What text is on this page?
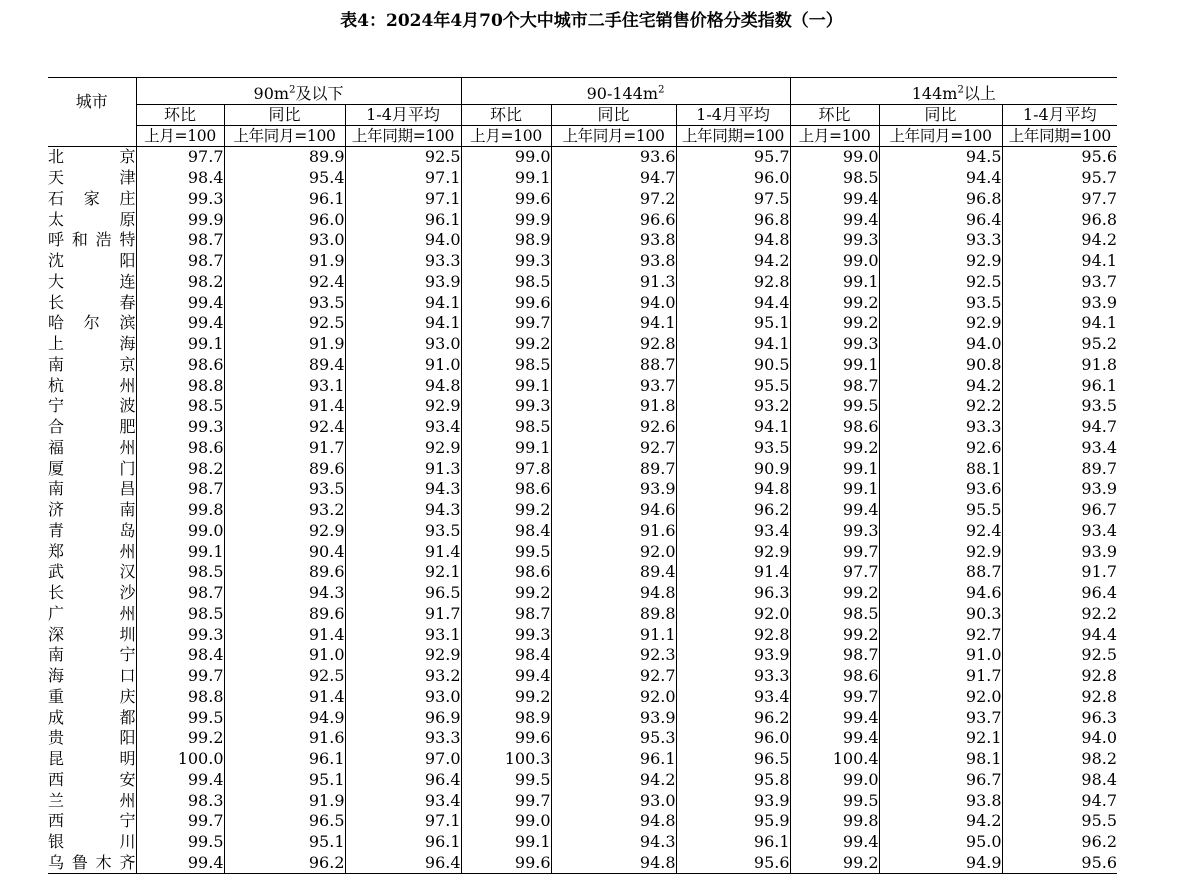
表4：2024年4月70个大中城市二手住宅销售价格分类指数（一）
城市	$90m^2$及以下			$90-144m^2$			$144m^2$以上		
	环比	同比	1-4月平均	环比	同比	1-4月平均	环比	同比	1-4月平均
	上月=100	上年同月=100	上年同期=100	上月=100	上年同月=100	上年同期=100	上月=100	上年同月=100	上年同期=100
北京	97.7	89.9	92.5	99.0	93.6	95.7	99.0	94.5	95.6
天津	98.4	95.4	97.1	99.1	94.7	96.0	98.5	94.4	95.7
石家庄	99.3	96.1	97.1	99.6	97.2	97.5	99.4	96.8	97.7
太原	99.9	96.0	96.1	99.9	96.6	96.8	99.4	96.4	96.8
呼和浩特	98.7	93.0	94.0	98.9	93.8	94.8	99.3	93.3	94.2
沈阳	98.7	91.9	93.3	99.3	93.8	94.2	99.0	92.9	94.1
大连	98.2	92.4	93.9	98.5	91.3	92.8	99.1	92.5	93.7
长春	99.4	93.5	94.1	99.6	94.0	94.4	99.2	93.5	93.9
哈尔滨	99.4	92.5	94.1	99.7	94.1	95.1	99.2	92.9	94.1
上海	99.1	91.9	93.0	99.2	92.8	94.1	99.3	94.0	95.2
南京	98.6	89.4	91.0	98.5	88.7	90.5	99.1	90.8	91.8
杭州	98.8	93.1	94.8	99.1	93.7	95.5	98.7	94.2	96.1
宁波	98.5	91.4	92.9	99.3	91.8	93.2	99.5	92.2	93.5
合肥	99.3	92.4	93.4	98.5	92.6	94.1	98.6	93.3	94.7
福州	98.6	91.7	92.9	99.1	92.7	93.5	99.2	92.6	93.4
厦门	98.2	89.6	91.3	97.8	89.7	90.9	99.1	88.1	89.7
南昌	98.7	93.5	94.3	98.6	93.9	94.8	99.1	93.6	93.9
济南	99.8	93.2	94.3	99.2	94.6	96.2	99.4	95.5	96.7
青岛	99.0	92.9	93.5	98.4	91.6	93.4	99.3	92.4	93.4
郑州	99.1	90.4	91.4	99.5	92.0	92.9	99.7	92.9	93.9
武汉	98.5	89.6	92.1	98.6	89.4	91.4	97.7	88.7	91.7
长沙	98.7	94.3	96.5	99.2	94.8	96.3	99.2	94.6	96.4
广州	98.5	89.6	91.7	98.7	89.8	92.0	98.5	90.3	92.2
深圳	99.3	91.4	93.1	99.3	91.1	92.8	99.2	92.7	94.4
南宁	98.4	91.0	92.9	98.4	92.3	93.9	98.7	91.0	92.5
海口	99.7	92.5	93.2	99.4	92.7	93.3	98.6	91.7	92.8
重庆	98.8	91.4	93.0	99.2	92.0	93.4	99.7	92.0	92.8
成都	99.5	94.9	96.9	98.9	93.9	96.2	99.4	93.7	96.3
贵阳	99.2	91.6	93.3	99.6	95.3	96.0	99.4	92.1	94.0
昆明	100.0	96.1	97.0	100.3	96.1	96.5	100.4	98.1	98.2
西安	99.4	95.1	96.4	99.5	94.2	95.8	99.0	96.7	98.4
兰州	98.3	91.9	93.4	99.7	93.0	93.9	99.5	93.8	94.7
西宁	99.7	96.5	97.1	99.0	94.8	95.9	99.8	94.2	95.5
银川	99.5	95.1	96.1	99.1	94.3	96.1	99.4	95.0	96.2
乌鲁木齐	99.4	96.2	96.4	99.6	94.8	95.6	99.2	94.9	95.6
